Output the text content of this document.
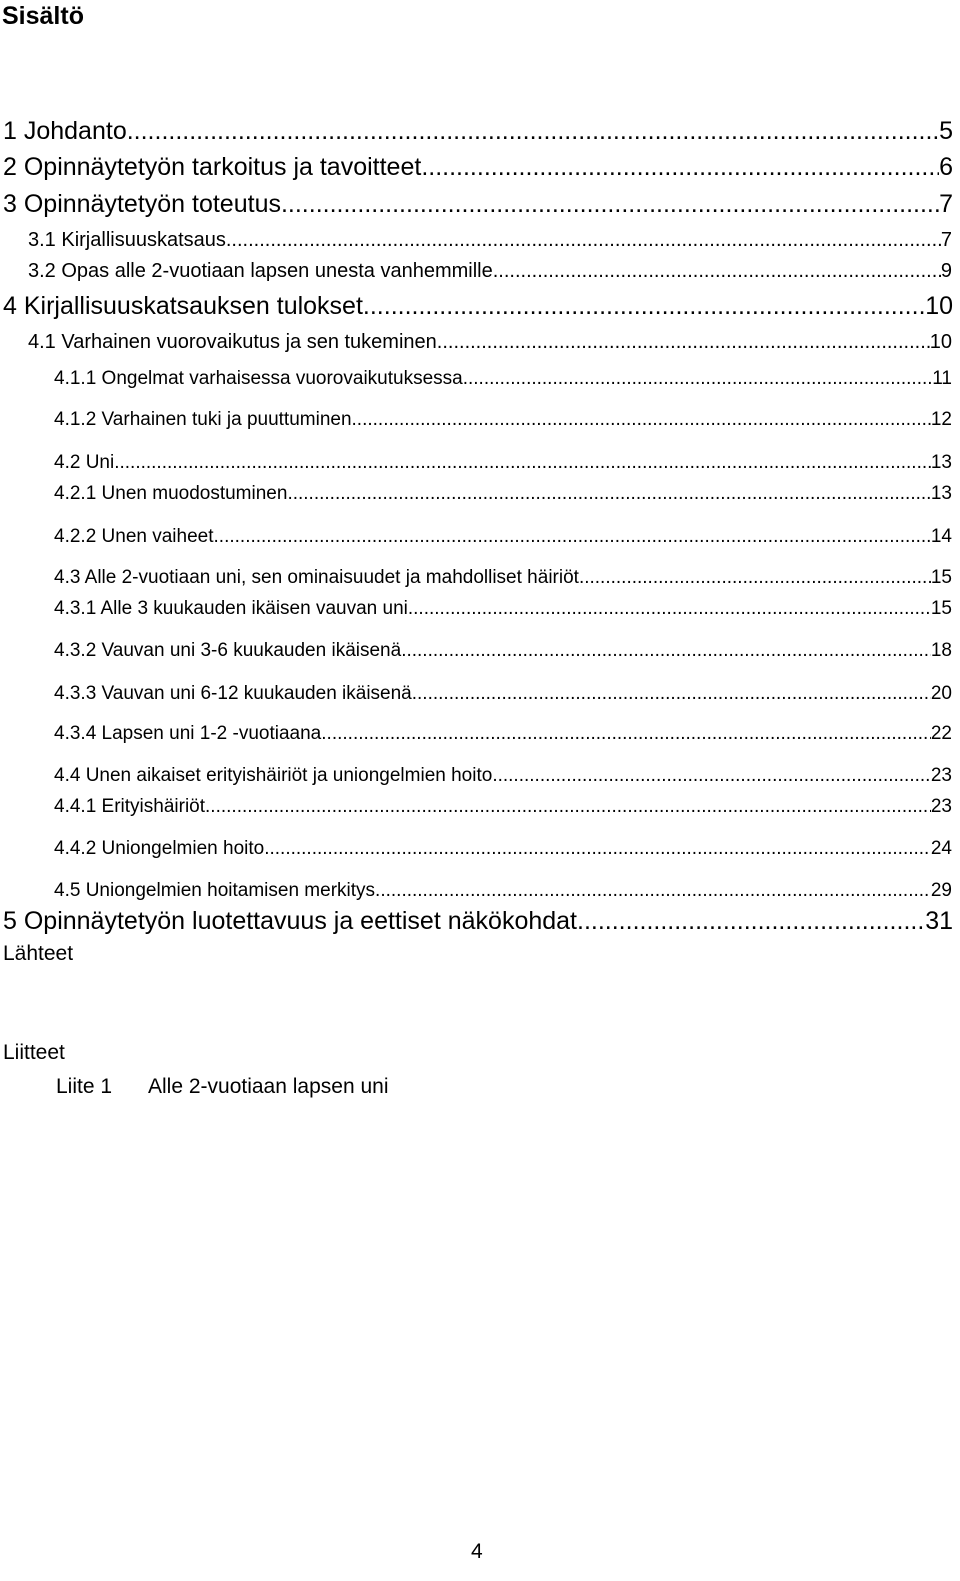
Sisältö
1 Johdanto .....	5
2 Opinnäytetyön tarkoitus ja tavoitteet .....	6
3 Opinnäytetyön toteutus .....	7
3.1 Kirjallisuuskatsaus .....	7
3.2 Opas alle 2-vuotiaan lapsen unesta vanhemmille .....	9
4 Kirjallisuuskatsauksen tulokset .....	10
4.1 Varhainen vuorovaikutus ja sen tukeminen .....	10
4.1.1 Ongelmat varhaisessa vuorovaikutuksessa .....	11
4.1.2 Varhainen tuki ja puuttuminen .....	12
4.2 Uni .....	13
4.2.1 Unen muodostuminen .....	13
4.2.2 Unen vaiheet .....	14
4.3 Alle 2-vuotiaan uni, sen ominaisuudet ja mahdolliset häiriöt .....	15
4.3.1 Alle 3 kuukauden ikäisen vauvan uni .....	15
4.3.2 Vauvan uni 3-6 kuukauden ikäisenä .....	18
4.3.3 Vauvan uni 6-12 kuukauden ikäisenä .....	20
4.3.4 Lapsen uni 1-2 -vuotiaana .....	22
4.4 Unen aikaiset erityishäiriöt ja uniongelmien hoito .....	23
4.4.1 Erityishäiriöt .....	23
4.4.2 Uniongelmien hoito .....	24
4.5 Uniongelmien hoitamisen merkitys .....	29
5 Opinnäytetyön luotettavuus ja eettiset näkökohdat .....	31
Lähteet
Liitteet
Liite 1 Alle 2-vuotiaan lapsen uni
4
